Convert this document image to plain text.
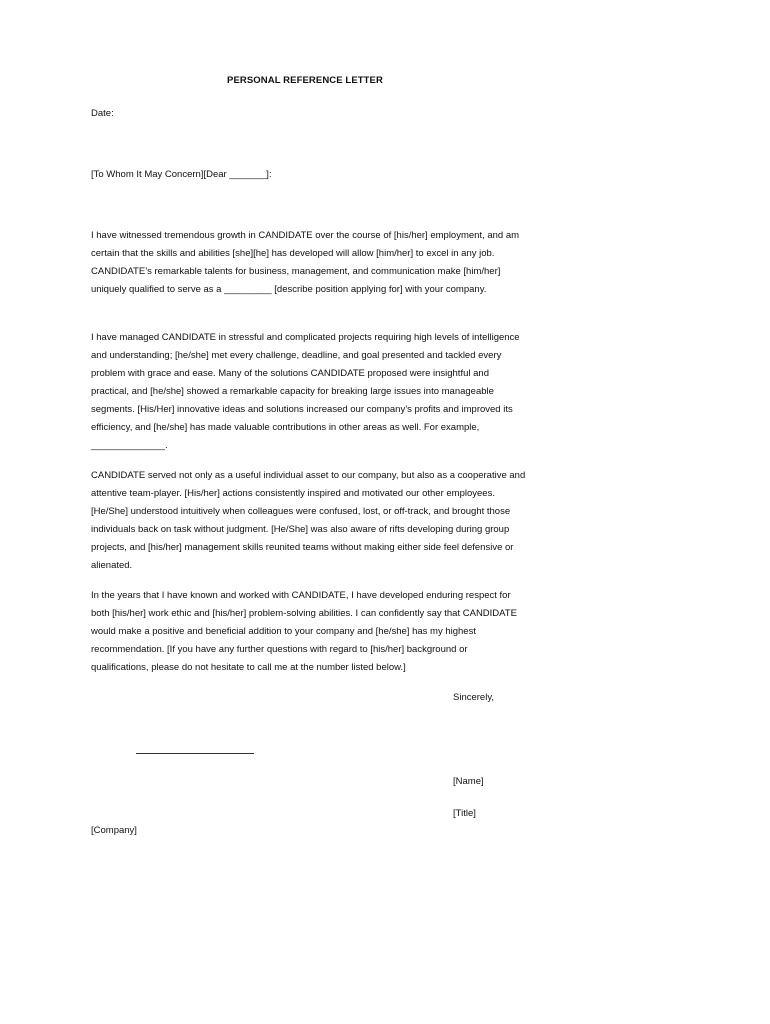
PERSONAL REFERENCE LETTER
Date:
[To Whom It May Concern][Dear _______]:

I have witnessed tremendous growth in CANDIDATE over the course of [his/her] employment, and am certain that the skills and abilities [she][he] has developed will allow [him/her] to excel in any job. CANDIDATE’s remarkable talents for business, management, and communication make [him/her] uniquely qualified to serve as a _________ [describe position applying for] with your company.

I have managed CANDIDATE in stressful and complicated projects requiring high levels of intelligence and understanding; [he/she] met every challenge, deadline, and goal presented and tackled every problem with grace and ease. Many of the solutions CANDIDATE proposed were insightful and practical, and [he/she] showed a remarkable capacity for breaking large issues into manageable segments. [His/Her] innovative ideas and solutions increased our company’s profits and improved its efficiency, and [he/she] has made valuable contributions in other areas as well. For example, ______________.

CANDIDATE served not only as a useful individual asset to our company, but also as a cooperative and attentive team-player. [His/her] actions consistently inspired and motivated our other employees. [He/She] understood intuitively when colleagues were confused, lost, or off-track, and brought those individuals back on task without judgment. [He/She] was also aware of rifts developing during group projects, and [his/her] management skills reunited teams without making either side feel defensive or alienated.

In the years that I have known and worked with CANDIDATE, I have developed enduring respect for both [his/her] work ethic and [his/her] problem-solving abilities. I can confidently say that CANDIDATE would make a positive and beneficial addition to your company and [he/she] has my highest recommendation. [If you have any further questions with regard to [his/her] background or qualifications, please do not hesitate to call me at the number listed below.]

Sincerely,
[Name]
[Title]
[Company]
